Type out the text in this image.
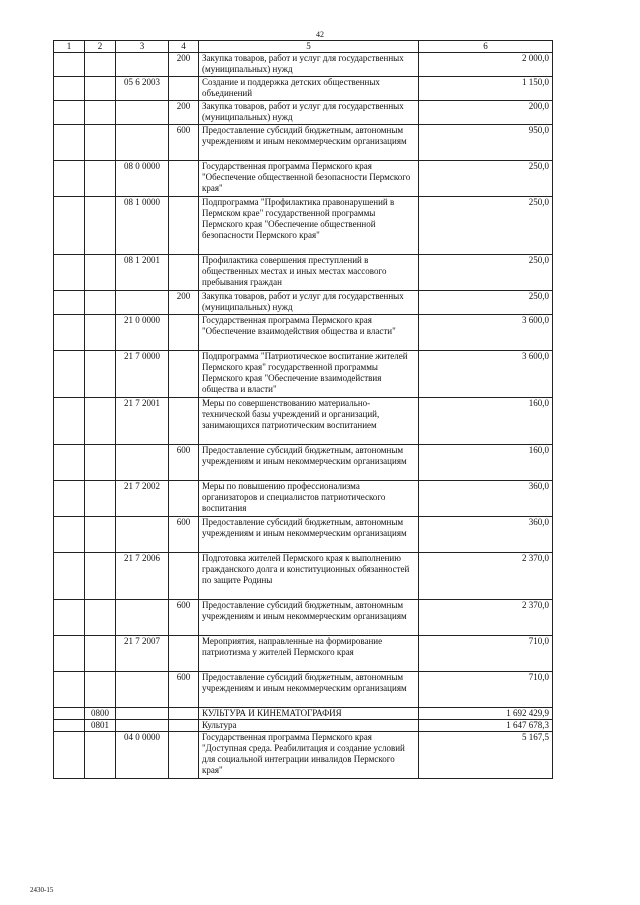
42
1	2	3	4	5	6
			200	Закупка товаров, работ и услуг для государственных (муниципальных) нужд	2 000,0
		05 6 2003		Создание и поддержка детских общественных объединений	1 150,0
			200	Закупка товаров, работ и услуг для государственных (муниципальных) нужд	200,0
			600	Предоставление субсидий бюджетным, автономным учреждениям и иным некоммерческим организациям	950,0
		08 0 0000		Государственная программа Пермского края "Обеспечение общественной безопасности Пермского края"	250,0
		08 1 0000		Подпрограмма "Профилактика правонарушений в Пермском крае" государственной программы Пермского края "Обеспечение общественной безопасности Пермского края"	250,0
		08 1 2001		Профилактика совершения преступлений в общественных местах и иных местах массового пребывания граждан	250,0
			200	Закупка товаров, работ и услуг для государственных (муниципальных) нужд	250,0
		21 0 0000		Государственная программа Пермского края "Обеспечение взаимодействия общества и власти"	3 600,0
		21 7 0000		Подпрограмма "Патриотическое воспитание жителей Пермского края" государственной программы Пермского края "Обеспечение взаимодействия общества и власти"	3 600,0
		21 7 2001		Меры по совершенствованию материально-технической базы учреждений и организаций, занимающихся патриотическим воспитанием	160,0
			600	Предоставление субсидий бюджетным, автономным учреждениям и иным некоммерческим организациям	160,0
		21 7 2002		Меры по повышению профессионализма организаторов и специалистов патриотического воспитания	360,0
			600	Предоставление субсидий бюджетным, автономным учреждениям и иным некоммерческим организациям	360,0
		21 7 2006		Подготовка жителей Пермского края к выполнению гражданского долга и конституционных обязанностей по защите Родины	2 370,0
			600	Предоставление субсидий бюджетным, автономным учреждениям и иным некоммерческим организациям	2 370,0
		21 7 2007		Мероприятия, направленные на формирование патриотизма у жителей Пермского края	710,0
			600	Предоставление субсидий бюджетным, автономным учреждениям и иным некоммерческим организациям	710,0
	0800			КУЛЬТУРА И КИНЕМАТОГРАФИЯ	1 692 429,9
	0801			Культура	1 647 678,3
		04 0 0000		Государственная программа Пермского края "Доступная среда. Реабилитация и создание условий для социальной интеграции инвалидов Пермского края"	5 167,5
2430-15
